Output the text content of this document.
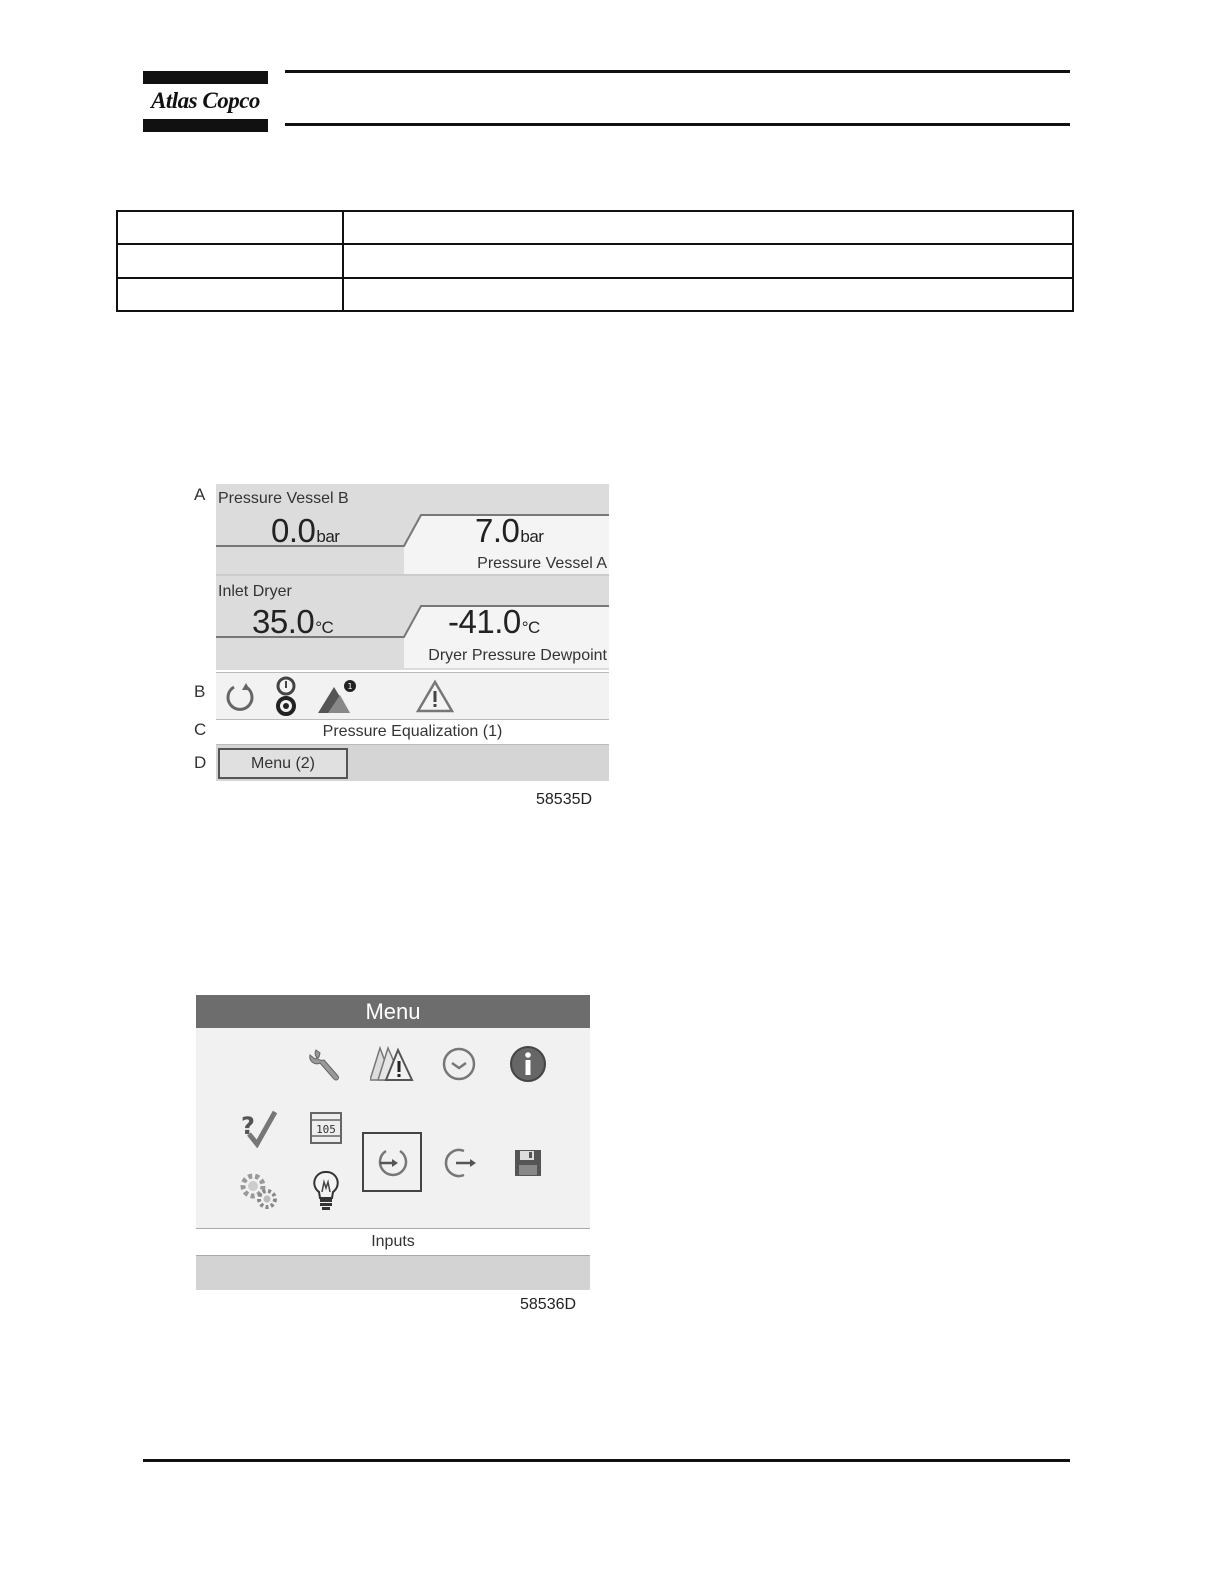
Atlas Copco

A
B
C
D
Pressure Vessel B
0.0bar	7.0bar
Pressure Vessel A
Inlet Dryer
35.0°C	-41.0°C
Dryer Pressure Dewpoint
1
Pressure Equalization (1)
Menu (2)
58535D
Menu
?	105
Inputs
58536D
